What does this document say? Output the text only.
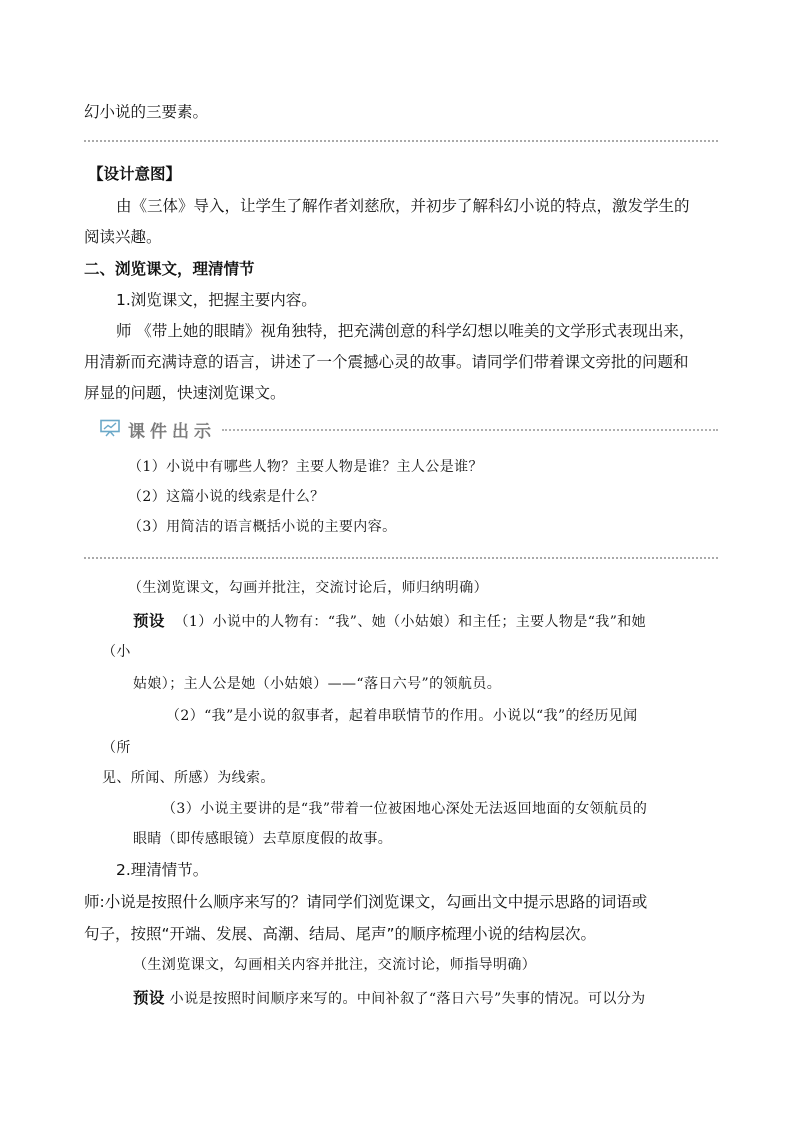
幻小说的三要素。

【设计意图】

由《三体》导入，让学生了解作者刘慈欣，并初步了解科幻小说的特点，激发学生的

阅读兴趣。

二、浏览课文，理清情节

1.浏览课文，把握主要内容。

师 《带上她的眼睛》视角独特，把充满创意的科学幻想以唯美的文学形式表现出来，

用清新而充满诗意的语言，讲述了一个震撼心灵的故事。请同学们带着课文旁批的问题和

屏显的问题，快速浏览课文。

课件出示

（1）小说中有哪些人物？主要人物是谁？主人公是谁？

（2）这篇小说的线索是什么？

（3）用简洁的语言概括小说的主要内容。

（生浏览课文，勾画并批注，交流讨论后，师归纳明确）

预设 （1）小说中的人物有：“我”、她（小姑娘）和主任；主要人物是“我”和她

（小

姑娘）；主人公是她（小姑娘）——“落日六号”的领航员。

（2）“我”是小说的叙事者，起着串联情节的作用。小说以“我”的经历见闻

（所

见、所闻、所感）为线索。

（3）小说主要讲的是“我”带着一位被困地心深处无法返回地面的女领航员的

眼睛（即传感眼镜）去草原度假的故事。

2.理清情节。

师:小说是按照什么顺序来写的？请同学们浏览课文，勾画出文中提示思路的词语或

句子，按照“开端、发展、高潮、结局、尾声”的顺序梳理小说的结构层次。

（生浏览课文，勾画相关内容并批注，交流讨论，师指导明确）

预设 小说是按照时间顺序来写的。中间补叙了“落日六号”失事的情况。可以分为
